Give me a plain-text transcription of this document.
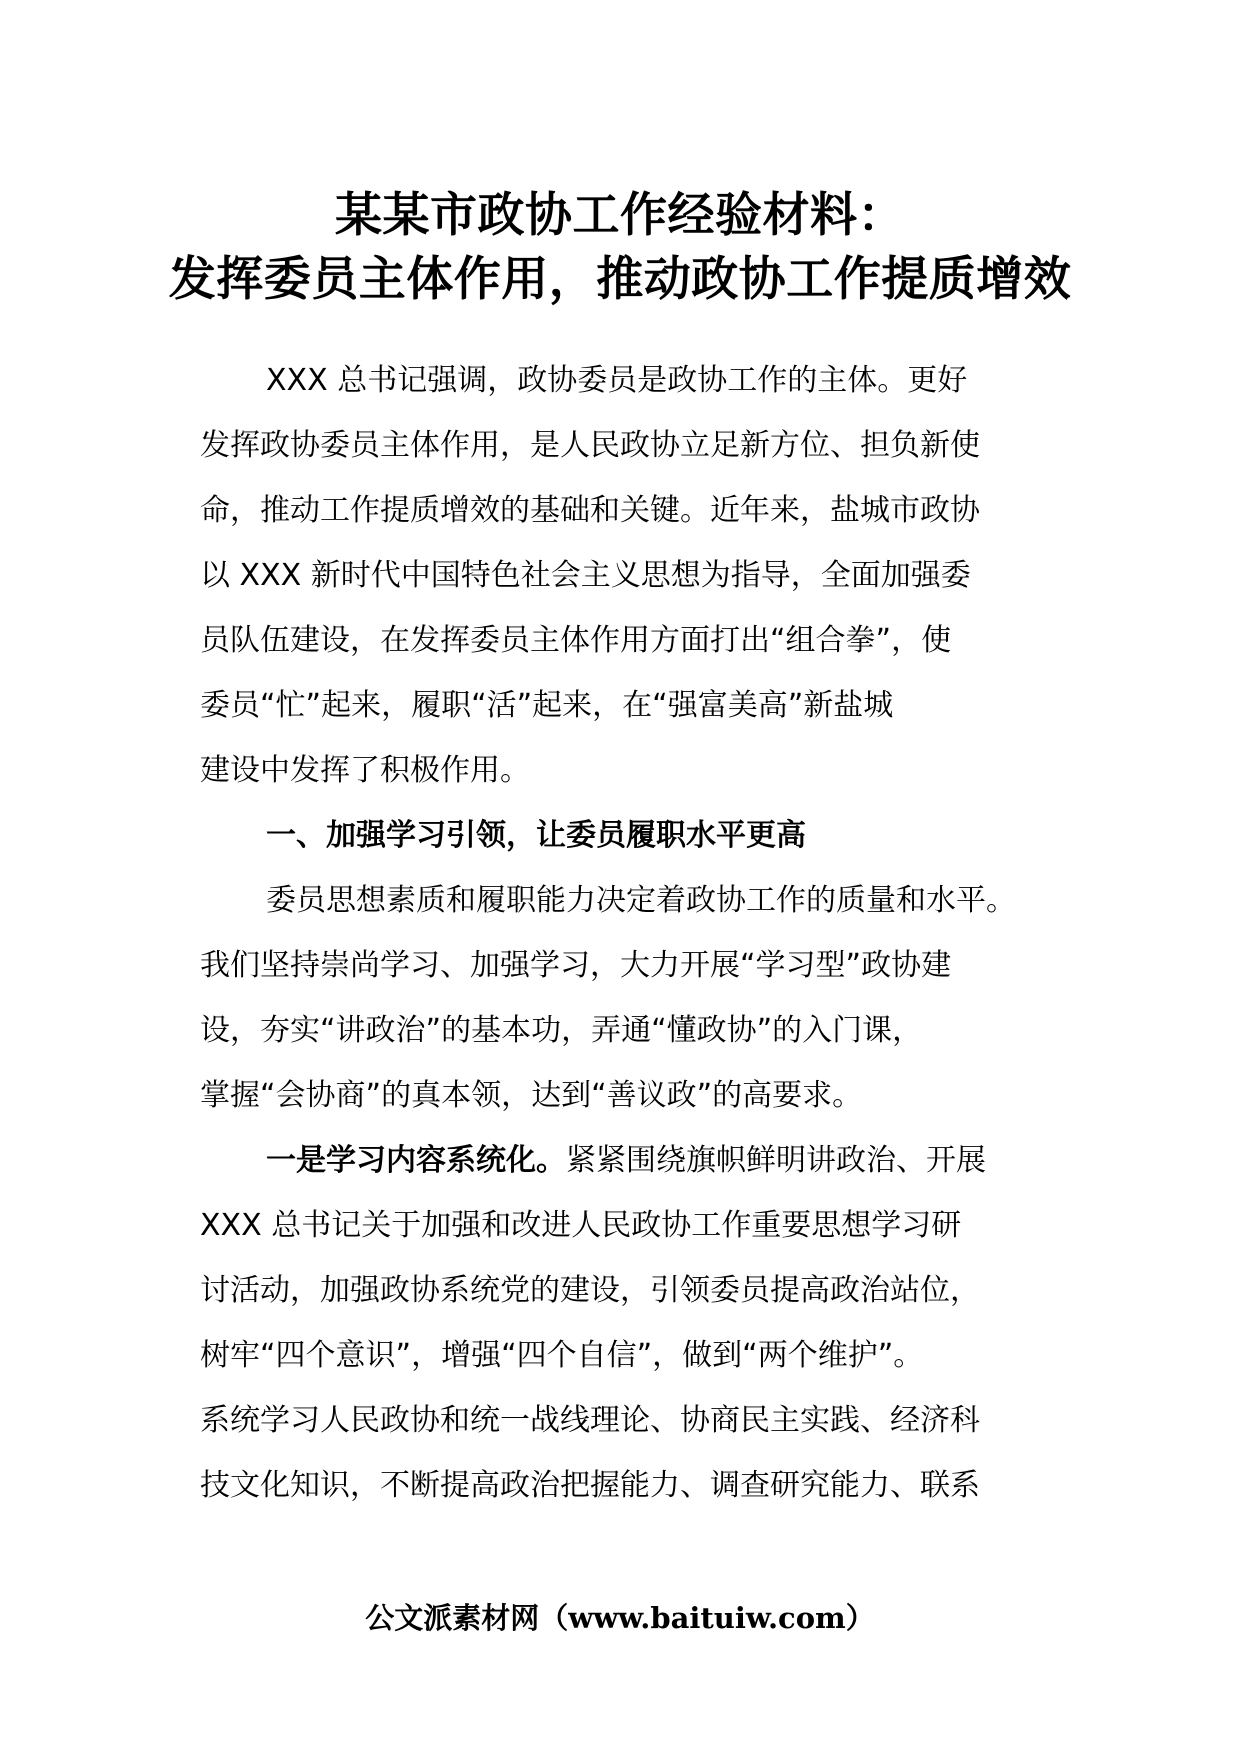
某某市政协工作经验材料：
发挥委员主体作用，推动政协工作提质增效
XXX 总书记强调，政协委员是政协工作的主体。更好
发挥政协委员主体作用，是人民政协立足新方位、担负新使
命，推动工作提质增效的基础和关键。近年来，盐城市政协
以 XXX 新时代中国特色社会主义思想为指导，全面加强委
员队伍建设，在发挥委员主体作用方面打出“组合拳”，使
委员“忙”起来，履职“活”起来，在“强富美高”新盐城
建设中发挥了积极作用。
一、加强学习引领，让委员履职水平更高
委员思想素质和履职能力决定着政协工作的质量和水平。
我们坚持崇尚学习、加强学习，大力开展“学习型”政协建
设，夯实“讲政治”的基本功，弄通“懂政协”的入门课，
掌握“会协商”的真本领，达到“善议政”的高要求。
一是学习内容系统化。紧紧围绕旗帜鲜明讲政治、开展
XXX 总书记关于加强和改进人民政协工作重要思想学习研
讨活动，加强政协系统党的建设，引领委员提高政治站位，
树牢“四个意识”，增强“四个自信”，做到“两个维护”。
系统学习人民政协和统一战线理论、协商民主实践、经济科
技文化知识，不断提高政治把握能力、调查研究能力、联系
公文派素材网（www.baituiw.com）
